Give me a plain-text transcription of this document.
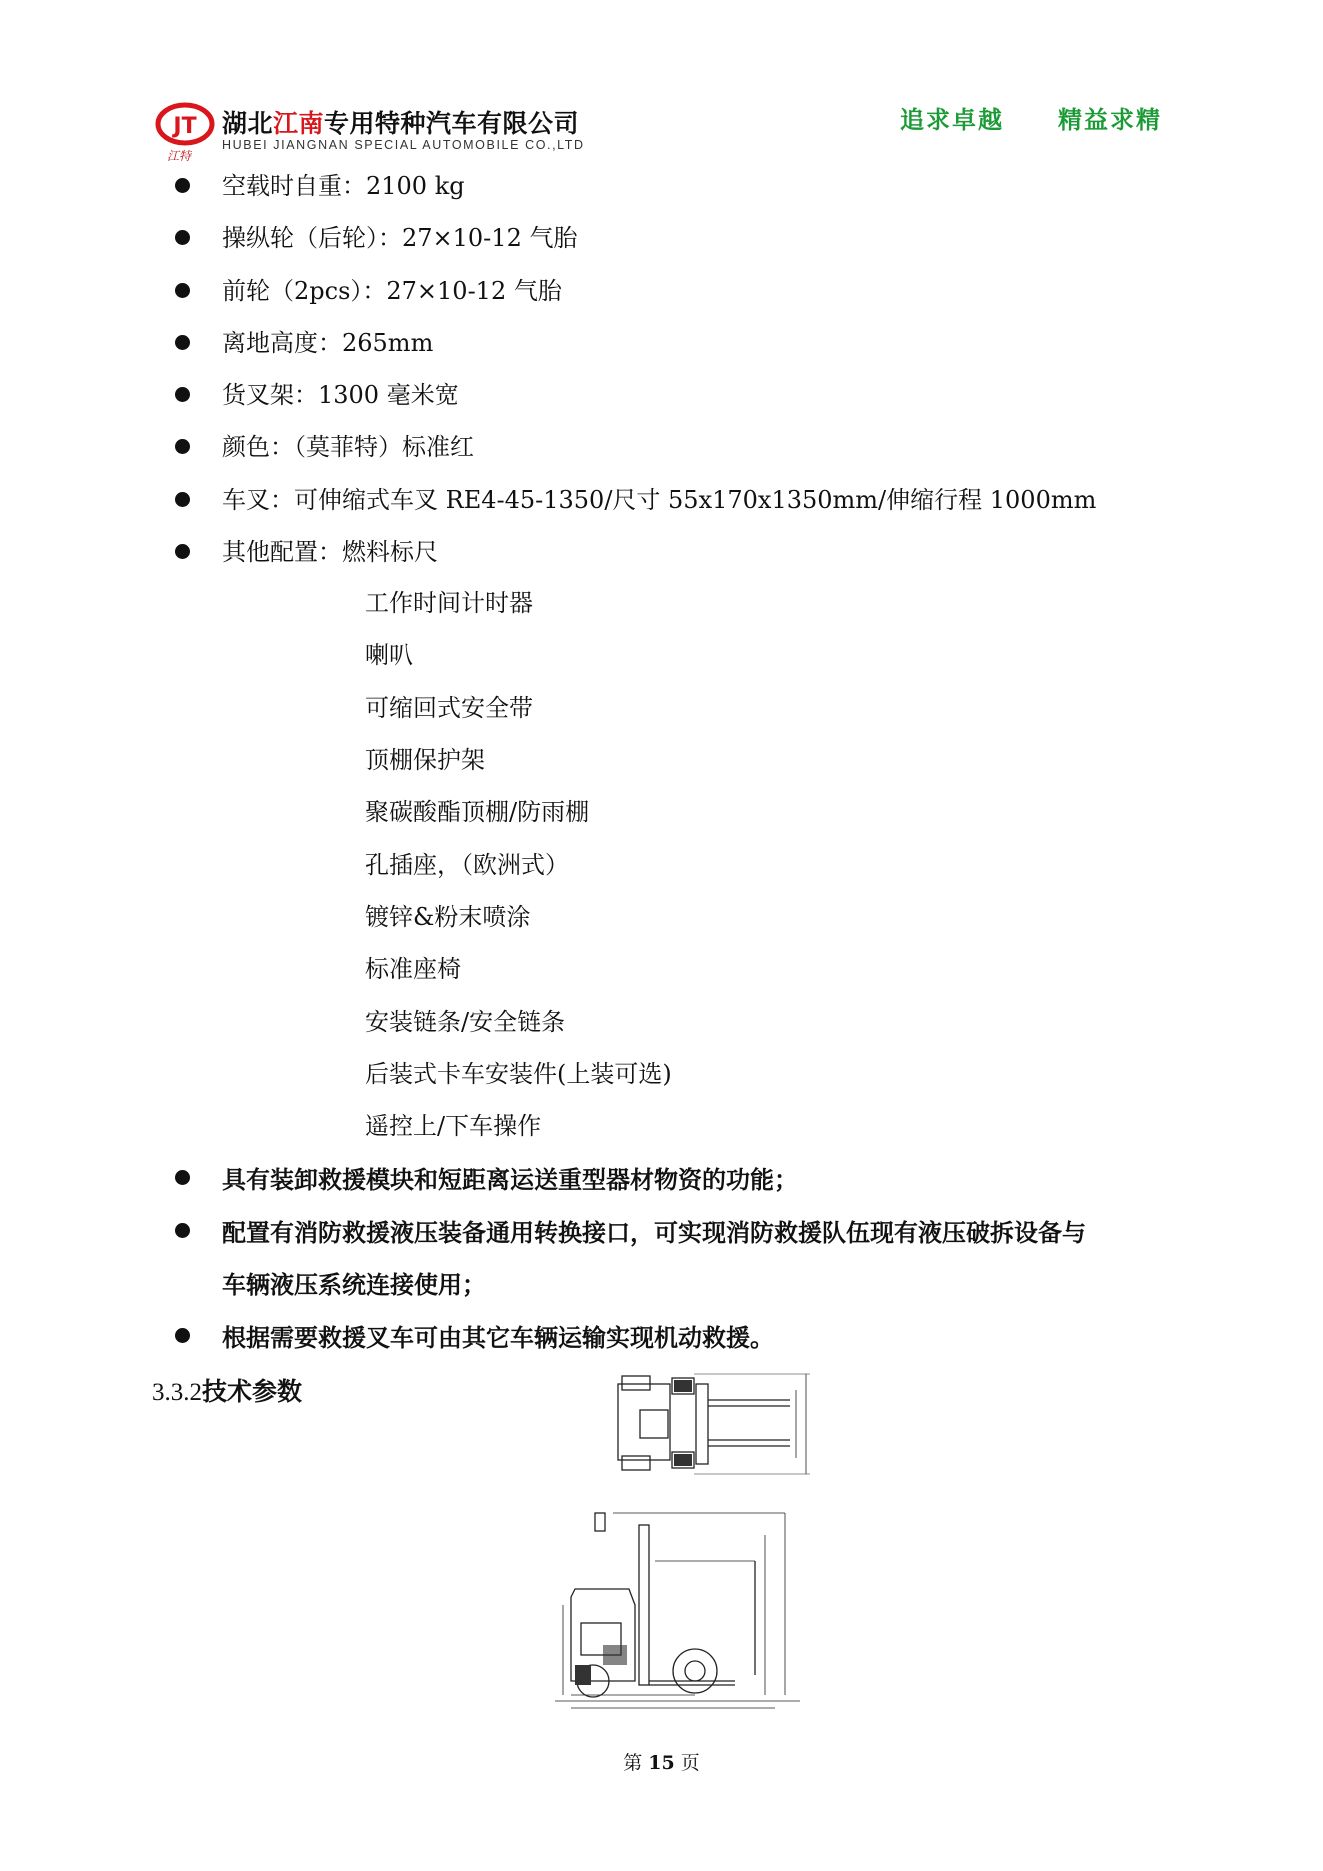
JT
江特
湖北江南专用特种汽车有限公司
HUBEI JIANGNAN SPECIAL AUTOMOBILE CO.,LTD
追求卓越 精益求精
空载时自重：2100 kg
操纵轮（后轮）：27×10-12 气胎
前轮（2pcs）：27×10-12 气胎
离地高度：265mm
货叉架：1300 毫米宽
颜色：（莫菲特）标准红
车叉：可伸缩式车叉 RE4-45-1350/尺寸 55x170x1350mm/伸缩行程 1000mm
其他配置：燃料标尺
工作时间计时器
喇叭
可缩回式安全带
顶棚保护架
聚碳酸酯顶棚/防雨棚
孔插座，（欧洲式）
镀锌&粉末喷涂
标准座椅
安装链条/安全链条
后装式卡车安装件(上装可选)
遥控上/下车操作
具有装卸救援模块和短距离运送重型器材物资的功能；
配置有消防救援液压装备通用转换接口，可实现消防救援队伍现有液压破拆设备与
车辆液压系统连接使用；
根据需要救援叉车可由其它车辆运输实现机动救援。
3.3.2技术参数
第 15 页
